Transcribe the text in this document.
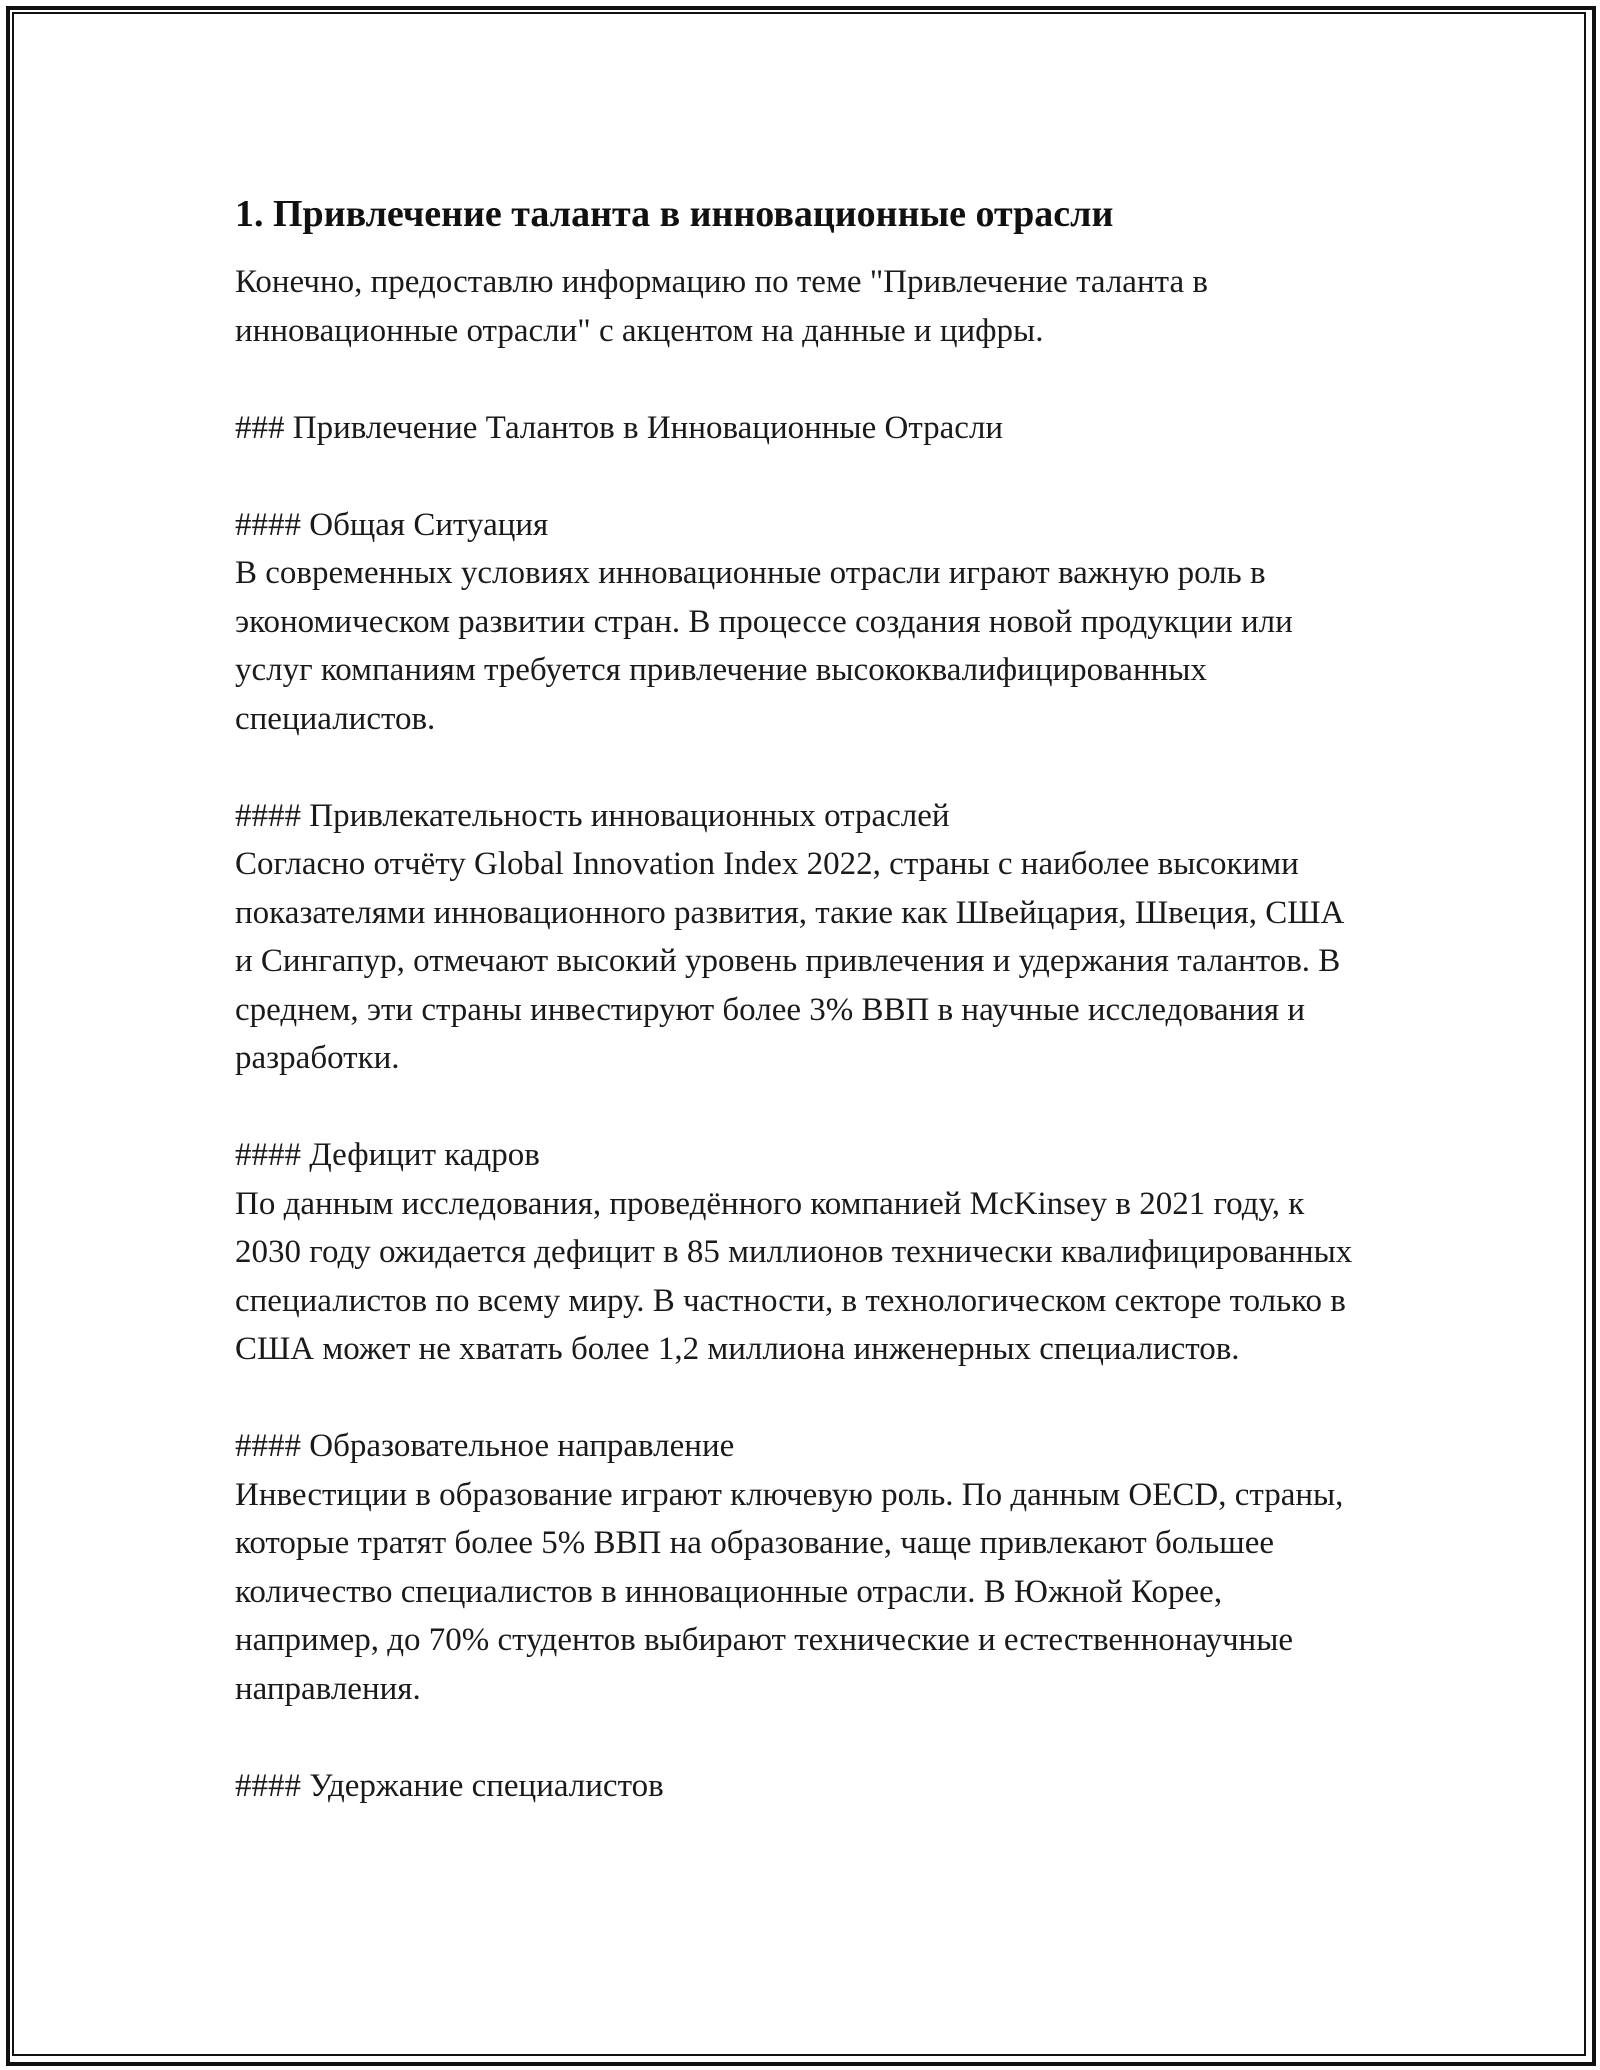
1. Привлечение таланта в инновационные отрасли

Конечно, предоставлю информацию по теме "Привлечение таланта в инновационные отрасли" с акцентом на данные и цифры.

### Привлечение Талантов в Инновационные Отрасли

#### Общая Ситуация

В современных условиях инновационные отрасли играют важную роль в экономическом развитии стран. В процессе создания новой продукции или услуг компаниям требуется привлечение высококвалифицированных специалистов.

#### Привлекательность инновационных отраслей

Согласно отчёту Global Innovation Index 2022, страны с наиболее высокими показателями инновационного развития, такие как Швейцария, Швеция, США и Сингапур, отмечают высокий уровень привлечения и удержания талантов. В среднем, эти страны инвестируют более 3% ВВП в научные исследования и разработки.

#### Дефицит кадров

По данным исследования, проведённого компанией McKinsey в 2021 году, к 2030 году ожидается дефицит в 85 миллионов технически квалифицированных специалистов по всему миру. В частности, в технологическом секторе только в США может не хватать более 1,2 миллиона инженерных специалистов.

#### Образовательное направление

Инвестиции в образование играют ключевую роль. По данным OECD, страны, которые тратят более 5% ВВП на образование, чаще привлекают большее количество специалистов в инновационные отрасли. В Южной Корее, например, до 70% студентов выбирают технические и естественнонаучные направления.

#### Удержание специалистов
